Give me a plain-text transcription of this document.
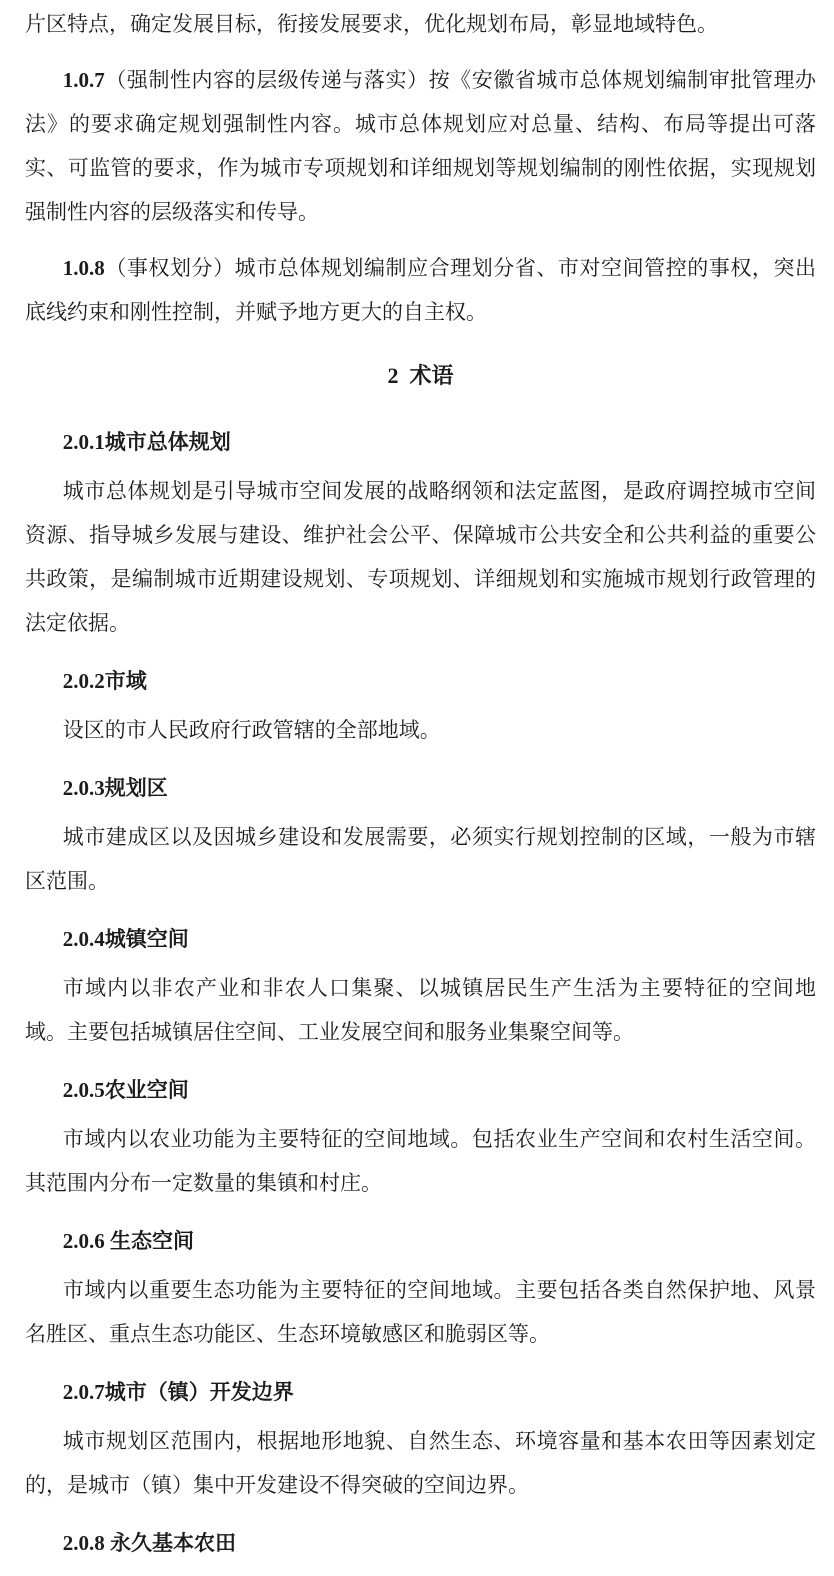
片区特点，确定发展目标，衔接发展要求，优化规划布局，彰显地域特色。

1.0.7（强制性内容的层级传递与落实）按《安徽省城市总体规划编制审批管理办法》的要求确定规划强制性内容。城市总体规划应对总量、结构、布局等提出可落实、可监管的要求，作为城市专项规划和详细规划等规划编制的刚性依据，实现规划强制性内容的层级落实和传导。

1.0.8（事权划分）城市总体规划编制应合理划分省、市对空间管控的事权，突出底线约束和刚性控制，并赋予地方更大的自主权。

2  术语
2.0.1城市总体规划

城市总体规划是引导城市空间发展的战略纲领和法定蓝图，是政府调控城市空间资源、指导城乡发展与建设、维护社会公平、保障城市公共安全和公共利益的重要公共政策，是编制城市近期建设规划、专项规划、详细规划和实施城市规划行政管理的法定依据。

2.0.2市域

设区的市人民政府行政管辖的全部地域。

2.0.3规划区

城市建成区以及因城乡建设和发展需要，必须实行规划控制的区域，一般为市辖区范围。

2.0.4城镇空间

市域内以非农产业和非农人口集聚、以城镇居民生产生活为主要特征的空间地域。主要包括城镇居住空间、工业发展空间和服务业集聚空间等。

2.0.5农业空间

市域内以农业功能为主要特征的空间地域。包括农业生产空间和农村生活空间。其范围内分布一定数量的集镇和村庄。

2.0.6 生态空间

市域内以重要生态功能为主要特征的空间地域。主要包括各类自然保护地、风景名胜区、重点生态功能区、生态环境敏感区和脆弱区等。

2.0.7城市（镇）开发边界

城市规划区范围内，根据地形地貌、自然生态、环境容量和基本农田等因素划定的，是城市（镇）集中开发建设不得突破的空间边界。

2.0.8 永久基本农田
